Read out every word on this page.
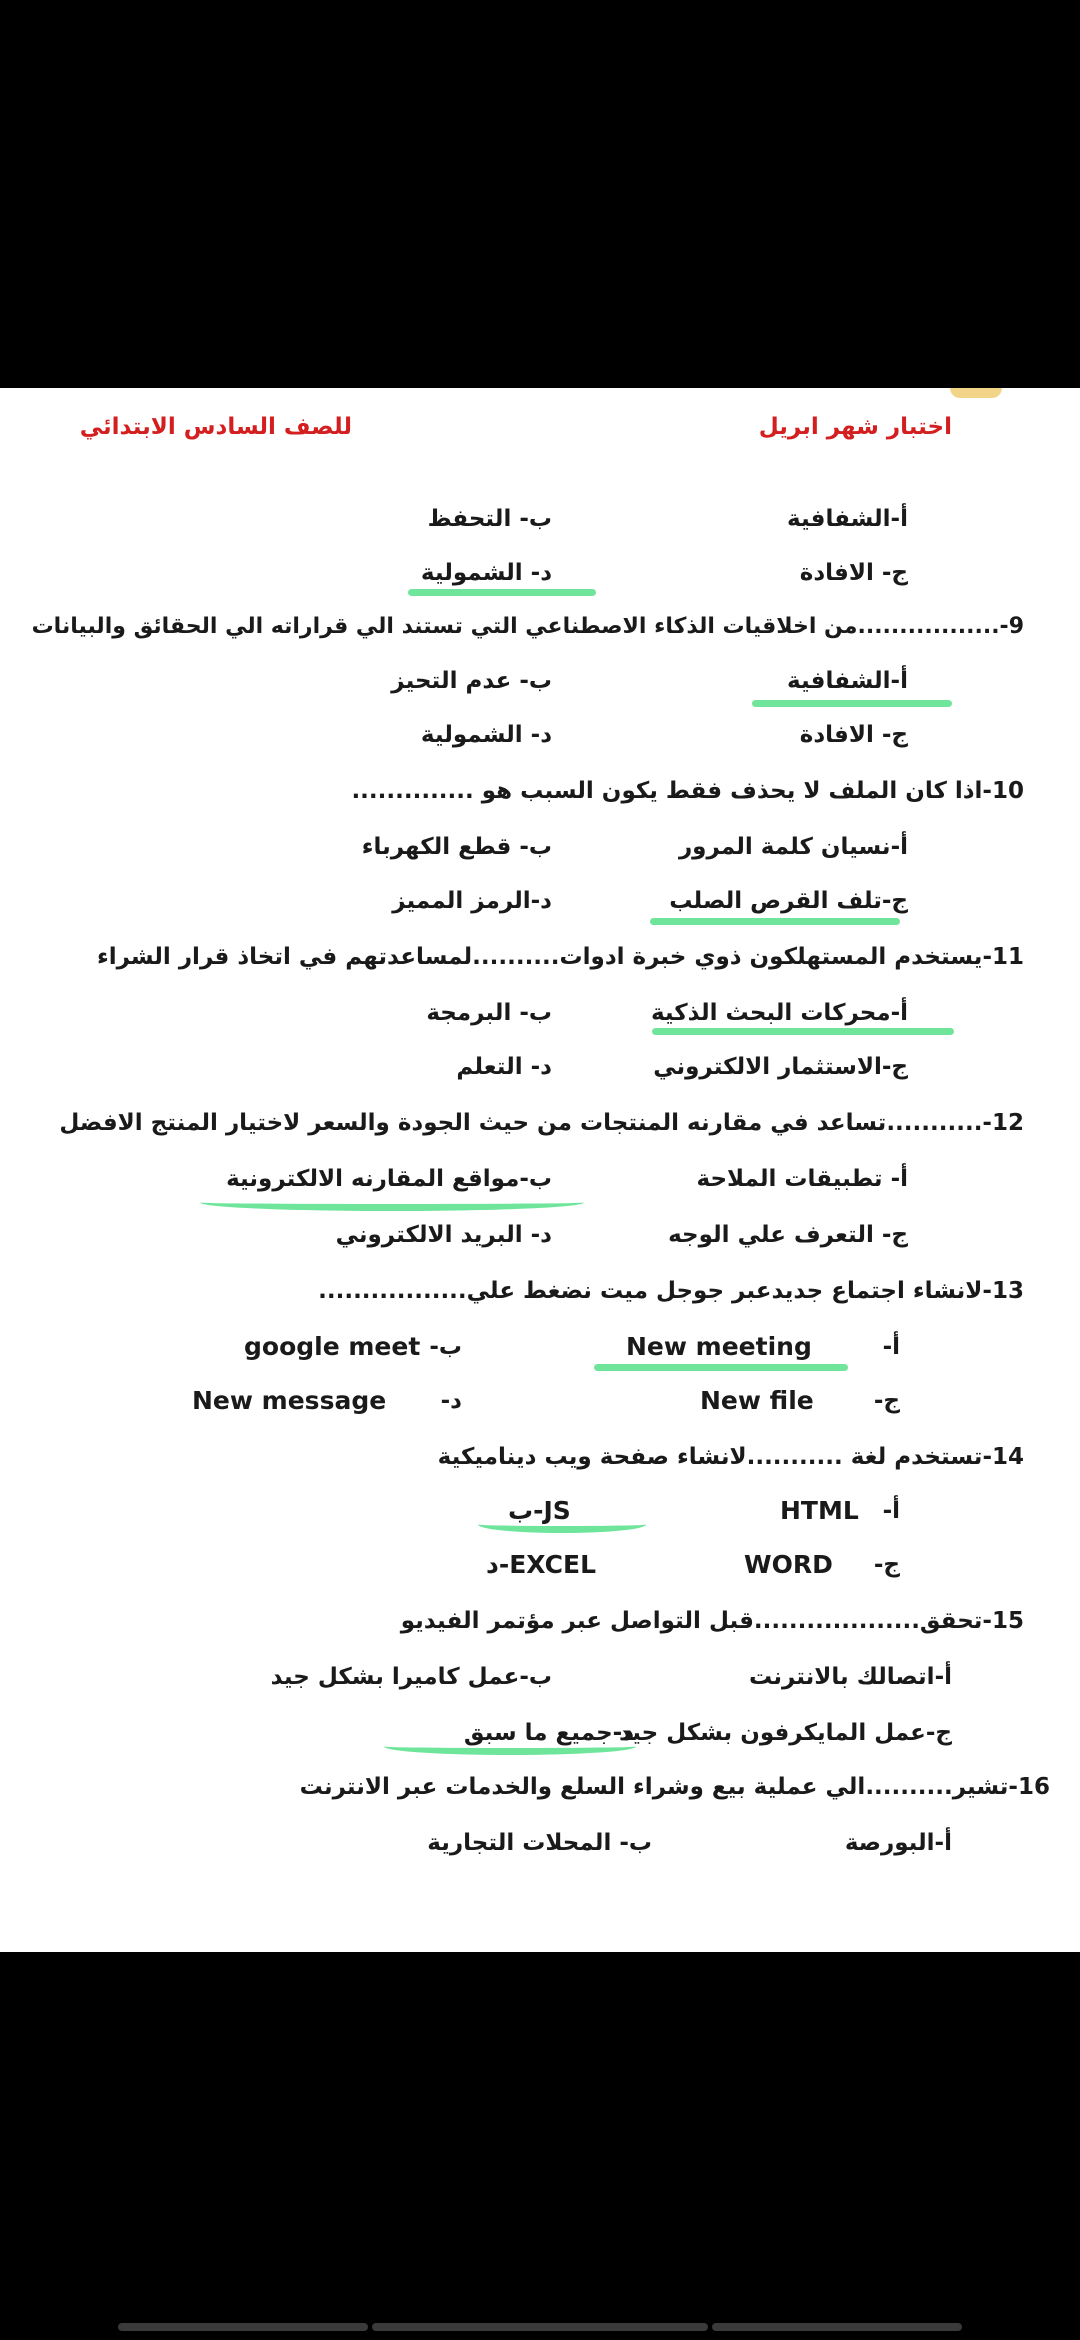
اختبار شهر ابريل
للصف السادس الابتدائي
أ-الشفافية
ب- التحفظ
ج- الافادة
د- الشمولية
9-.................من اخلاقيات الذكاء الاصطناعي التي تستند الي قراراته الي الحقائق والبيانات
أ-الشفافية
ب- عدم التحيز
ج- الافادة
د- الشمولية
10-اذا كان الملف لا يحذف فقط يكون السبب هو ..............
أ-نسيان كلمة المرور
ب- قطع الكهرباء
ج-تلف القرص الصلب
د-الرمز المميز
11-يستخدم المستهلكون ذوي خبرة ادوات..........لمساعدتهم في اتخاذ قرار الشراء
أ-محركات البحث الذكية
ب- البرمجة
ج-الاستثمار الالكتروني
د- التعلم
12-...........تساعد في مقارنه المنتجات من حيث الجودة والسعر لاختيار المنتج الافضل
أ- تطبيقات الملاحة
ب-مواقع المقارنه الالكترونية
ج- التعرف علي الوجه
د- البريد الالكتروني
13-لانشاء اجتماع جديدعبر جوجل ميت نضغط علي.................
أ-
New meeting
ب-
google meet
ج-
New file
د-
New message
14-تستخدم لغة ...........لانشاء صفحة ويب ديناميكية
أ-
HTML
ب-JS
ج-
WORD
د-EXCEL
15-تحقق...................قبل التواصل عبر مؤتمر الفيديو
أ-اتصالك بالانترنت
ب-عمل كاميرا بشكل جيد
ج-عمل المايكرفون بشكل جيد
د-جميع ما سبق
16-تشير..........الي عملية بيع وشراء السلع والخدمات عبر الانترنت
أ-البورصة
ب- المحلات التجارية
